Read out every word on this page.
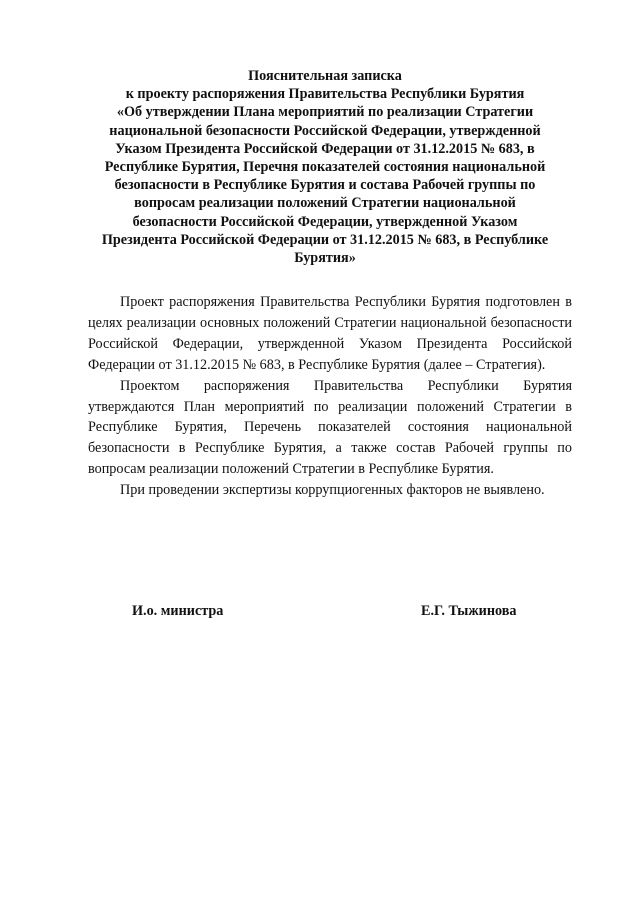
Пояснительная записка
к проекту распоряжения Правительства Республики Бурятия
«Об утверждении Плана мероприятий по реализации Стратегии
национальной безопасности Российской Федерации, утвержденной
Указом Президента Российской Федерации от 31.12.2015 № 683, в
Республике Бурятия, Перечня показателей состояния национальной
безопасности в Республике Бурятия и состава Рабочей группы по
вопросам реализации положений Стратегии национальной
безопасности Российской Федерации, утвержденной Указом
Президента Российской Федерации от 31.12.2015 № 683, в Республике
Бурятия»

Проект распоряжения Правительства Республики Бурятия подготовлен в целях реализации основных положений Стратегии национальной безопасности Российской Федерации, утвержденной Указом Президента Российской Федерации от 31.12.2015 № 683, в Республике Бурятия (далее – Стратегия).

Проектом распоряжения Правительства Республики Бурятия утверждаются План мероприятий по реализации положений Стратегии в Республике Бурятия, Перечень показателей состояния национальной безопасности в Республике Бурятия, а также состав Рабочей группы по вопросам реализации положений Стратегии в Республике Бурятия.

При проведении экспертизы коррупциогенных факторов не выявлено.

И.о. министра	Е.Г. Тыжинова
